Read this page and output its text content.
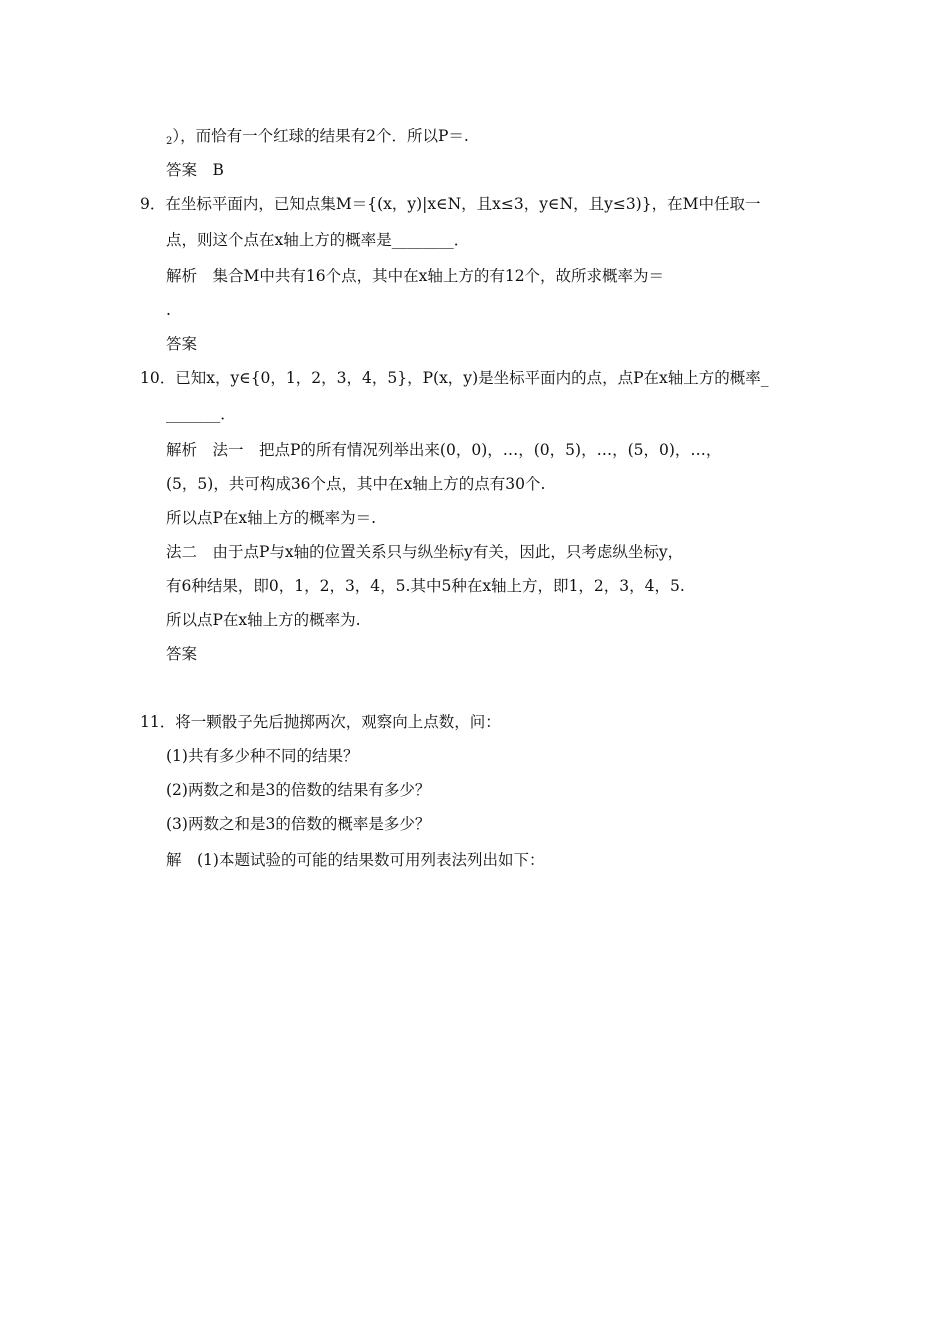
$_2$），而恰有一个红球的结果有2个．所以P＝.
答案　B
9．在坐标平面内，已知点集M＝{(x，y)|x∈N，且x≤3，y∈N，且y≤3)}，在M中任取一
点，则这个点在x轴上方的概率是________．
解析　集合M中共有16个点，其中在x轴上方的有12个，故所求概率为＝
.
答案
10．已知x，y∈{0，1，2，3，4，5}，P(x，y)是坐标平面内的点，点P在x轴上方的概率_
_______．
解析　法一　把点P的所有情况列举出来(0，0)，…，(0，5)，…，(5，0)，…，
(5，5)，共可构成36个点，其中在x轴上方的点有30个.
所以点P在x轴上方的概率为＝.
法二　由于点P与x轴的位置关系只与纵坐标y有关，因此，只考虑纵坐标y，
有6种结果，即0，1，2，3，4，5.其中5种在x轴上方，即1，2，3，4，5.
所以点P在x轴上方的概率为.
答案
11．将一颗骰子先后抛掷两次，观察向上点数，问：
(1)共有多少种不同的结果？
(2)两数之和是3的倍数的结果有多少？
(3)两数之和是3的倍数的概率是多少？
解　(1)本题试验的可能的结果数可用列表法列出如下：
